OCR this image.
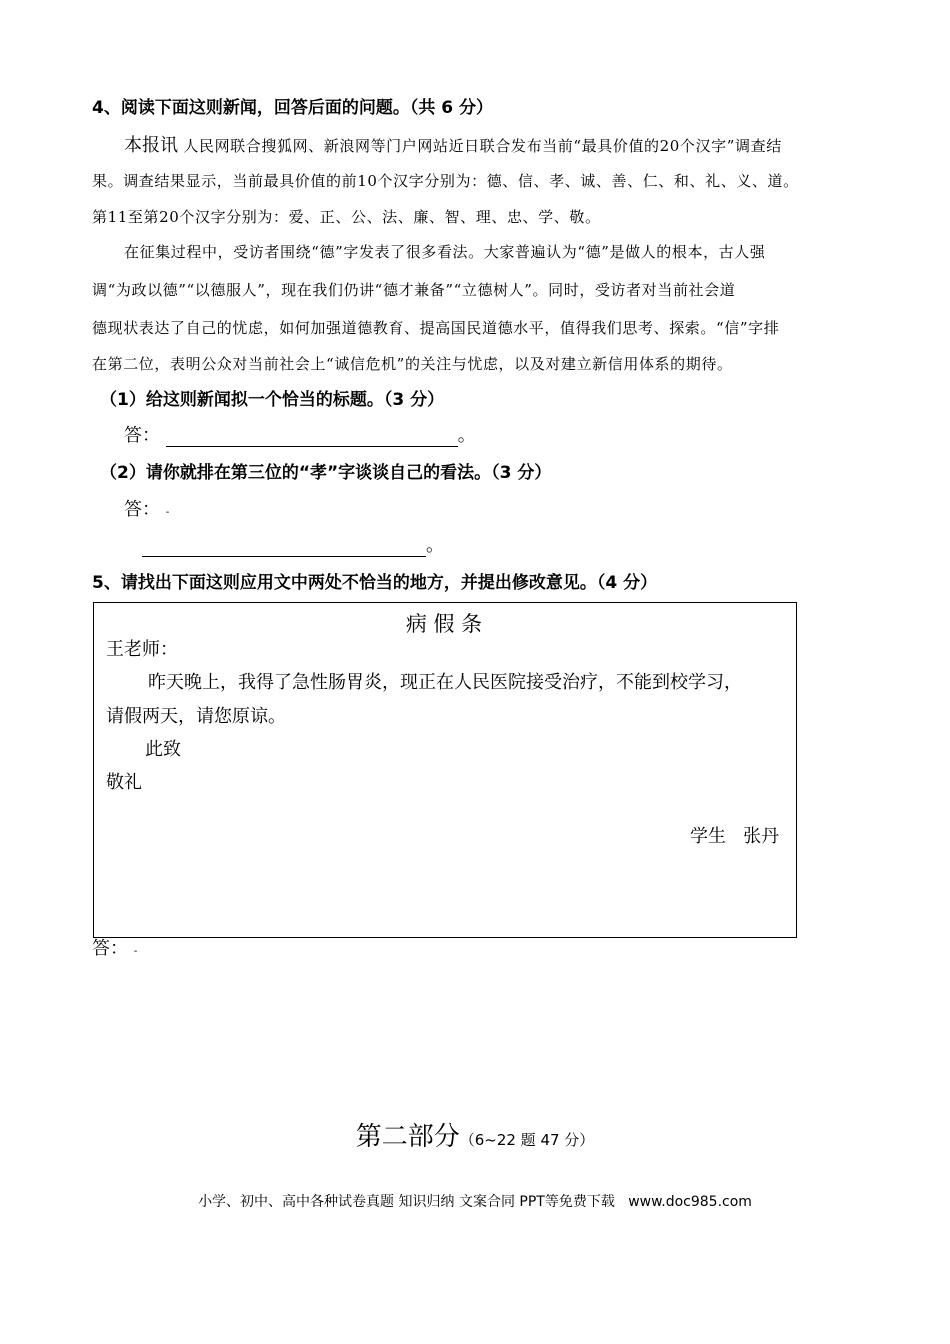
4、阅读下面这则新闻，回答后面的问题。（共 6 分）
本报讯 人民网联合搜狐网、新浪网等门户网站近日联合发布当前“最具价值的20个汉字”调查结
果。调查结果显示，当前最具价值的前10个汉字分别为：德、信、孝、诚、善、仁、和、礼、义、道。
第11至第20个汉字分别为：爱、正、公、法、廉、智、理、忠、学、敬。
在征集过程中，受访者围绕“德”字发表了很多看法。大家普遍认为“德”是做人的根本，古人强
调“为政以德”“以德服人”，现在我们仍讲“德才兼备”“立德树人”。同时，受访者对当前社会道
德现状表达了自己的忧虑，如何加强道德教育、提高国民道德水平，值得我们思考、探索。“信”字排
在第二位，表明公众对当前社会上“诚信危机”的关注与忧虑，以及对建立新信用体系的期待。
（1）给这则新闻拟一个恰当的标题。（3 分）
答：	。
（2）请你就排在第三位的“孝”字谈谈自己的看法。（3 分）
答： -
。
5、请找出下面这则应用文中两处不恰当的地方，并提出修改意见。（4 分）
病 假 条
王老师：
昨天晚上，我得了急性肠胃炎，现正在人民医院接受治疗，不能到校学习，
请假两天，请您原谅。
此致
敬礼
学生   张丹
答： -
第二部分（6~22 题 47 分）
小学、初中、高中各种试卷真题 知识归纳 文案合同 PPT等免费下载   www.doc985.com
